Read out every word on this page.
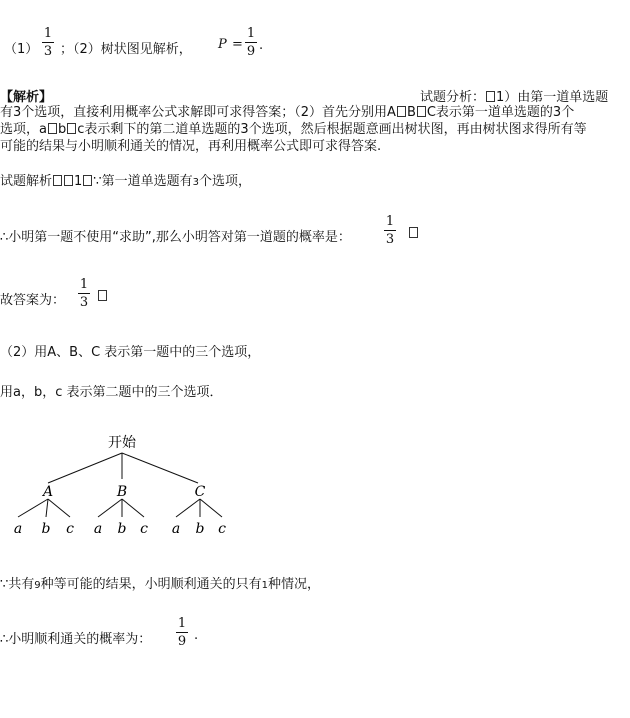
（1）
1
3 ；（2）树状图见解析， P =
1
9 .
【解析】	试题分析： 1）由第一道单选题
有3个选项，直接利用概率公式求解即可求得答案；（2）首先分别用A B C表示第一道单选题的3个
选项，a b c表示剩下的第二道单选题的3个选项，然后根据题意画出树状图，再由树状图求得所有等
可能的结果与小明顺利通关的情况，再利用概率公式即可求得答案.
试题解析 1 ∵第一道单选题有3个选项，
∴小明第一题不使用“求助”,那么小明答对第一道题的概率是：
1
3
故答案为：
1
3
（2）用A、B、C 表示第一题中的三个选项，
用a，b，c 表示第二题中的三个选项．
开始
A	B	C
a b c a b c a b c
∵共有9种等可能的结果，小明顺利通关的只有1种情况，
∴小明顺利通关的概率为：
1
9 .
